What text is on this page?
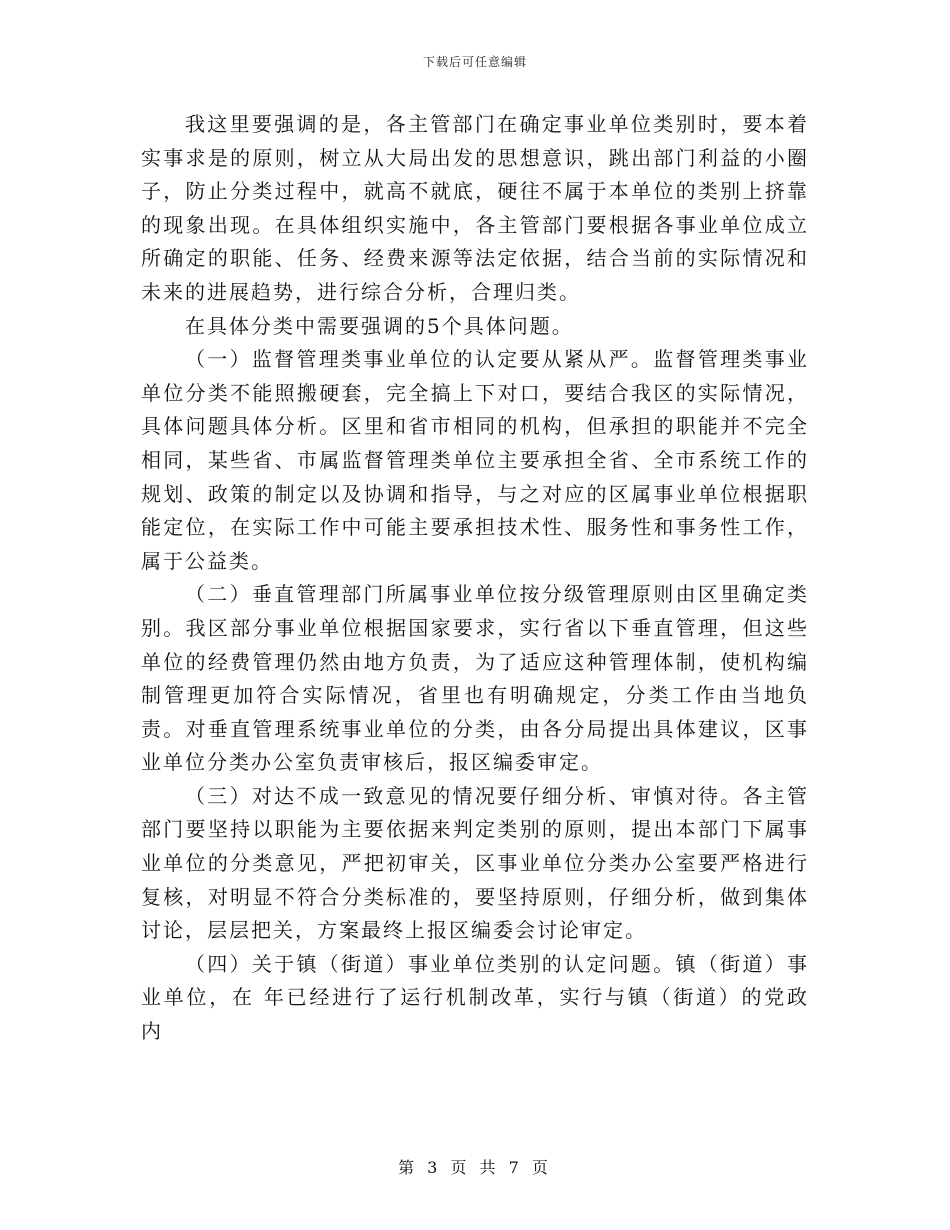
下载后可任意编辑

我这里要强调的是，各主管部门在确定事业单位类别时，要本着实事求是的原则，树立从大局出发的思想意识，跳出部门利益的小圈子，防止分类过程中，就高不就底，硬往不属于本单位的类别上挤靠的现象出现。在具体组织实施中，各主管部门要根据各事业单位成立所确定的职能、任务、经费来源等法定依据，结合当前的实际情况和未来的进展趋势，进行综合分析，合理归类。

在具体分类中需要强调的5个具体问题。

（一）监督管理类事业单位的认定要从紧从严。监督管理类事业单位分类不能照搬硬套，完全搞上下对口，要结合我区的实际情况，具体问题具体分析。区里和省市相同的机构，但承担的职能并不完全相同，某些省、市属监督管理类单位主要承担全省、全市系统工作的规划、政策的制定以及协调和指导，与之对应的区属事业单位根据职能定位，在实际工作中可能主要承担技术性、服务性和事务性工作，属于公益类。

（二）垂直管理部门所属事业单位按分级管理原则由区里确定类别。我区部分事业单位根据国家要求，实行省以下垂直管理，但这些单位的经费管理仍然由地方负责，为了适应这种管理体制，使机构编制管理更加符合实际情况，省里也有明确规定，分类工作由当地负责。对垂直管理系统事业单位的分类，由各分局提出具体建议，区事业单位分类办公室负责审核后，报区编委审定。

（三）对达不成一致意见的情况要仔细分析、审慎对待。各主管部门要坚持以职能为主要依据来判定类别的原则，提出本部门下属事业单位的分类意见，严把初审关，区事业单位分类办公室要严格进行复核，对明显不符合分类标准的，要坚持原则，仔细分析，做到集体讨论，层层把关，方案最终上报区编委会讨论审定。

（四）关于镇（街道）事业单位类别的认定问题。镇（街道）事业单位，在 年已经进行了运行机制改革，实行与镇（街道）的党政内

第 3 页 共 7 页
